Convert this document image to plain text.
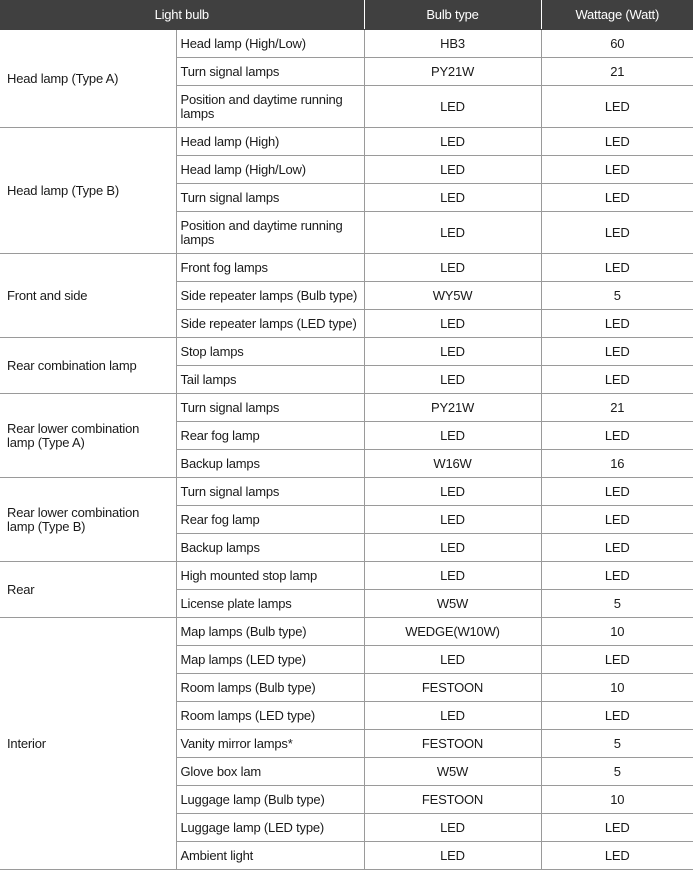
Light bulb		Bulb type	Wattage (Watt)
Head lamp (Type A)	Head lamp (High/Low)	HB3	60
	Turn signal lamps	PY21W	21
	Position and daytime running lamps	LED	LED
Head lamp (Type B)	Head lamp (High)	LED	LED
	Head lamp (High/Low)	LED	LED
	Turn signal lamps	LED	LED
	Position and daytime running lamps	LED	LED
Front and side	Front fog lamps	LED	LED
	Side repeater lamps (Bulb type)	WY5W	5
	Side repeater lamps (LED type)	LED	LED
Rear combination lamp	Stop lamps	LED	LED
	Tail lamps	LED	LED
Rear lower combination lamp (Type A)	Turn signal lamps	PY21W	21
	Rear fog lamp	LED	LED
	Backup lamps	W16W	16
Rear lower combination lamp (Type B)	Turn signal lamps	LED	LED
	Rear fog lamp	LED	LED
	Backup lamps	LED	LED
Rear	High mounted stop lamp	LED	LED
	License plate lamps	W5W	5
Interior	Map lamps (Bulb type)	WEDGE(W10W)	10
	Map lamps (LED type)	LED	LED
	Room lamps (Bulb type)	FESTOON	10
	Room lamps (LED type)	LED	LED
	Vanity mirror lamps*	FESTOON	5
	Glove box lam	W5W	5
	Luggage lamp (Bulb type)	FESTOON	10
	Luggage lamp (LED type)	LED	LED
	Ambient light	LED	LED
